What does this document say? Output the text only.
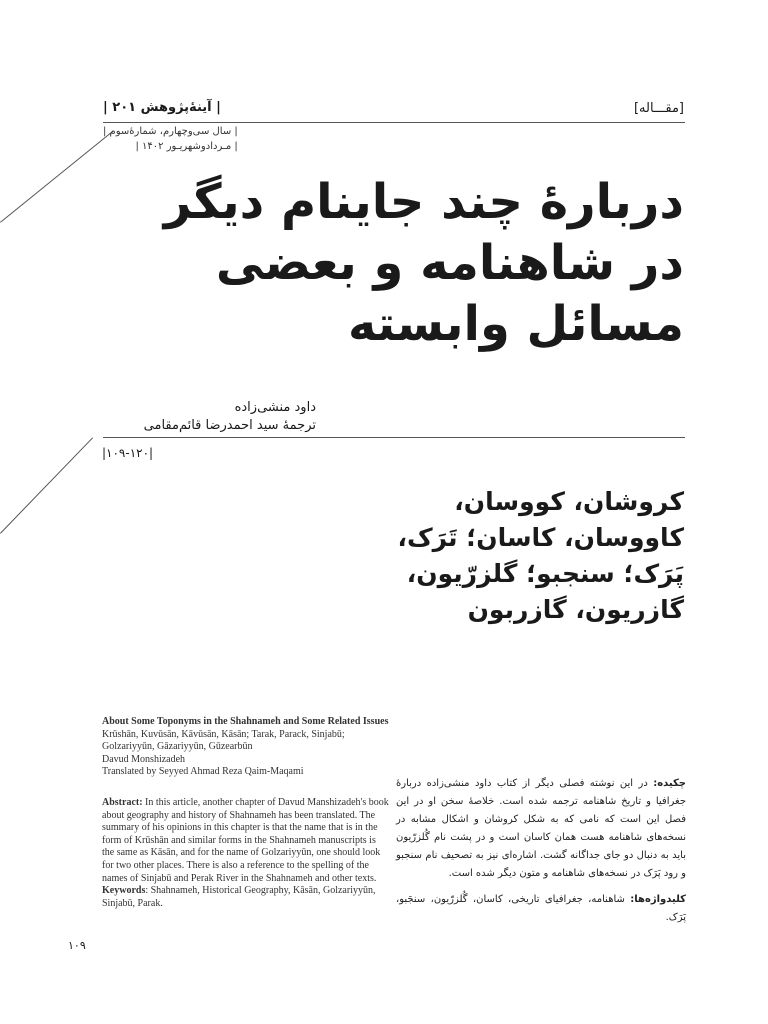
[مقـــاله]
| آینهٔ‌پژوهش ۲۰۱ |
| سال سی‌وچهارم، شمارهٔ‌سوم |
| مـرداد‌و‌شهریـور ۱۴۰۲ |
دربارهٔ چند جاینام دیگر
در شاهنامه و بعضی
مسائل وابسته
داود منشی‌زاده
ترجمهٔ سید احمدرضا قائم‌مقامی
|۱۰۹-۱۲۰|
کروشان، کووسان،
کاووسان، کاسان؛ تَرَک،
پَرَک؛ سنجبو؛ گلزرّیون،
گازریون، گازربون
About Some Toponyms in the Shahnameh and Some Related Issues
Krūshān, Kuvūsān, Kāvūsān, Kāsān; Tarak, Parack, Sinjabū; Golzariyyūn, Gāzariyyūn, Gūzearbūn
Davud Monshizadeh
Translated by Seyyed Ahmad Reza Qaim-Maqami
Abstract: In this article, another chapter of Davud Manshizadeh's book about geography and history of Shahnameh has been translated. The summary of his opinions in this chapter is that the name that is in the form of Krūshān and similar forms in the Shahnameh manuscripts is the same as Kāsān, and for the name of Golzariyyūn, one should look for two other places. There is also a reference to the spelling of the names of Sinjabū and Perak River in the Shahnameh and other texts.
Keywords: Shahnameh, Historical Geography, Kāsān, Golzariyyūn, Sinjabū, Parak.
چکیده: در این نوشته فصلی دیگر از کتاب داود منشی‌زاده دربارهٔ جغرافیا و تاریخ شاهنامه ترجمه شده است. خلاصهٔ سخن او در این فصل این است که نامی که به شکل کروشان و اشکال مشابه در نسخه‌های شاهنامه هست همان کاسان است و در پشت نام گُلزرّیون باید به دنبال دو جای جداگانه گشت. اشاره‌ای نیز به تصحیف نام سنجبو و رود پَرَک در نسخه‌های شاهنامه و متون دیگر شده است.
کلیدواژه‌ها: شاهنامه، جغرافیای تاریخی، کاسان، گُلزرّیون، سنجَبو، پَرَک.
۱۰۹
